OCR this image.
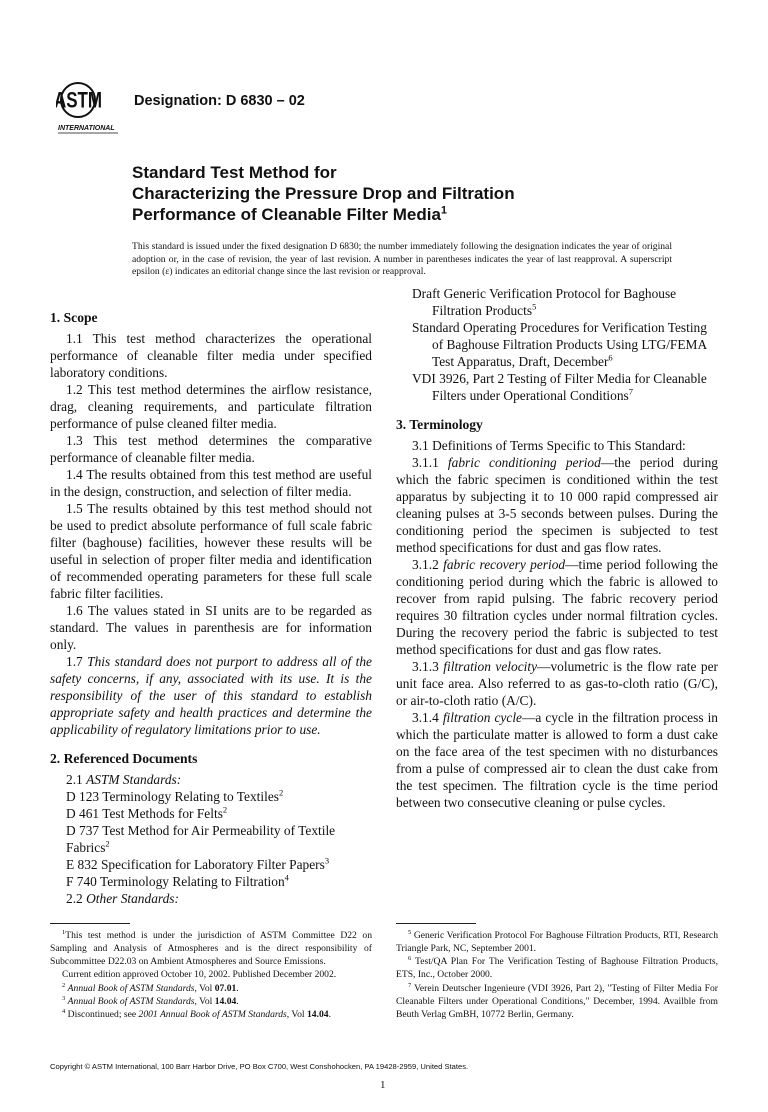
ASTM
INTERNATIONAL
Designation: D 6830 – 02
Standard Test Method for
Characterizing the Pressure Drop and Filtration
Performance of Cleanable Filter Media$^1$
This standard is issued under the fixed designation D 6830; the number immediately following the designation indicates the year of original adoption or, in the case of revision, the year of last revision. A number in parentheses indicates the year of last reapproval. A superscript epsilon (ε) indicates an editorial change since the last revision or reapproval.
1. Scope

1.1 This test method characterizes the operational performance of cleanable filter media under specified laboratory conditions.

1.2 This test method determines the airflow resistance, drag, cleaning requirements, and particulate filtration performance of pulse cleaned filter media.

1.3 This test method determines the comparative performance of cleanable filter media.

1.4 The results obtained from this test method are useful in the design, construction, and selection of filter media.

1.5 The results obtained by this test method should not be used to predict absolute performance of full scale fabric filter (baghouse) facilities, however these results will be useful in selection of proper filter media and identification of recommended operating parameters for these full scale fabric filter facilities.

1.6 The values stated in SI units are to be regarded as standard. The values in parenthesis are for information only.

1.7 This standard does not purport to address all of the safety concerns, if any, associated with its use. It is the responsibility of the user of this standard to establish appropriate safety and health practices and determine the applicability of regulatory limitations prior to use.

2. Referenced Documents

2.1 ASTM Standards:

D 123 Terminology Relating to Textiles$^2$

D 461 Test Methods for Felts$^2$

D 737 Test Method for Air Permeability of Textile Fabrics$^2$

E 832 Specification for Laboratory Filter Papers$^3$

F 740 Terminology Relating to Filtration$^4$

2.2 Other Standards:

Draft Generic Verification Protocol for Baghouse Filtration Products$^5$

Standard Operating Procedures for Verification Testing of Baghouse Filtration Products Using LTG/FEMA Test Apparatus, Draft, December$^6$

VDI 3926, Part 2 Testing of Filter Media for Cleanable Filters under Operational Conditions$^7$

3. Terminology

3.1 Definitions of Terms Specific to This Standard:

3.1.1 fabric conditioning period—the period during which the fabric specimen is conditioned within the test apparatus by subjecting it to 10 000 rapid compressed air cleaning pulses at 3-5 seconds between pulses. During the conditioning period the specimen is subjected to test method specifications for dust and gas flow rates.

3.1.2 fabric recovery period—time period following the conditioning period during which the fabric is allowed to recover from rapid pulsing. The fabric recovery period requires 30 filtration cycles under normal filtration cycles. During the recovery period the fabric is subjected to test method specifications for dust and gas flow rates.

3.1.3 filtration velocity—volumetric is the flow rate per unit face area. Also referred to as gas-to-cloth ratio (G/C), or air-to-cloth ratio (A/C).

3.1.4 filtration cycle—a cycle in the filtration process in which the particulate matter is allowed to form a dust cake on the face area of the test specimen with no disturbances from a pulse of compressed air to clean the dust cake from the test specimen. The filtration cycle is the time period between two consecutive cleaning or pulse cycles.

$^1$This test method is under the jurisdiction of ASTM Committee D22 on Sampling and Analysis of Atmospheres and is the direct responsibility of Subcommittee D22.03 on Ambient Atmospheres and Source Emissions.

Current edition approved October 10, 2002. Published December 2002.

$^2$ Annual Book of ASTM Standards, Vol 07.01.

$^3$ Annual Book of ASTM Standards, Vol 14.04.

$^4$ Discontinued; see 2001 Annual Book of ASTM Standards, Vol 14.04.

$^5$ Generic Verification Protocol For Baghouse Filtration Products, RTI, Research Triangle Park, NC, September 2001.

$^6$ Test/QA Plan For The Verification Testing of Baghouse Filtration Products, ETS, Inc., October 2000.

$^7$ Verein Deutscher Ingenieure (VDI 3926, Part 2), "Testing of Filter Media For Cleanable Filters under Operational Conditions," December, 1994. Availble from Beuth Verlag GmBH, 10772 Berlin, Germany.

Copyright © ASTM International, 100 Barr Harbor Drive, PO Box C700, West Conshohocken, PA 19428-2959, United States.
1
